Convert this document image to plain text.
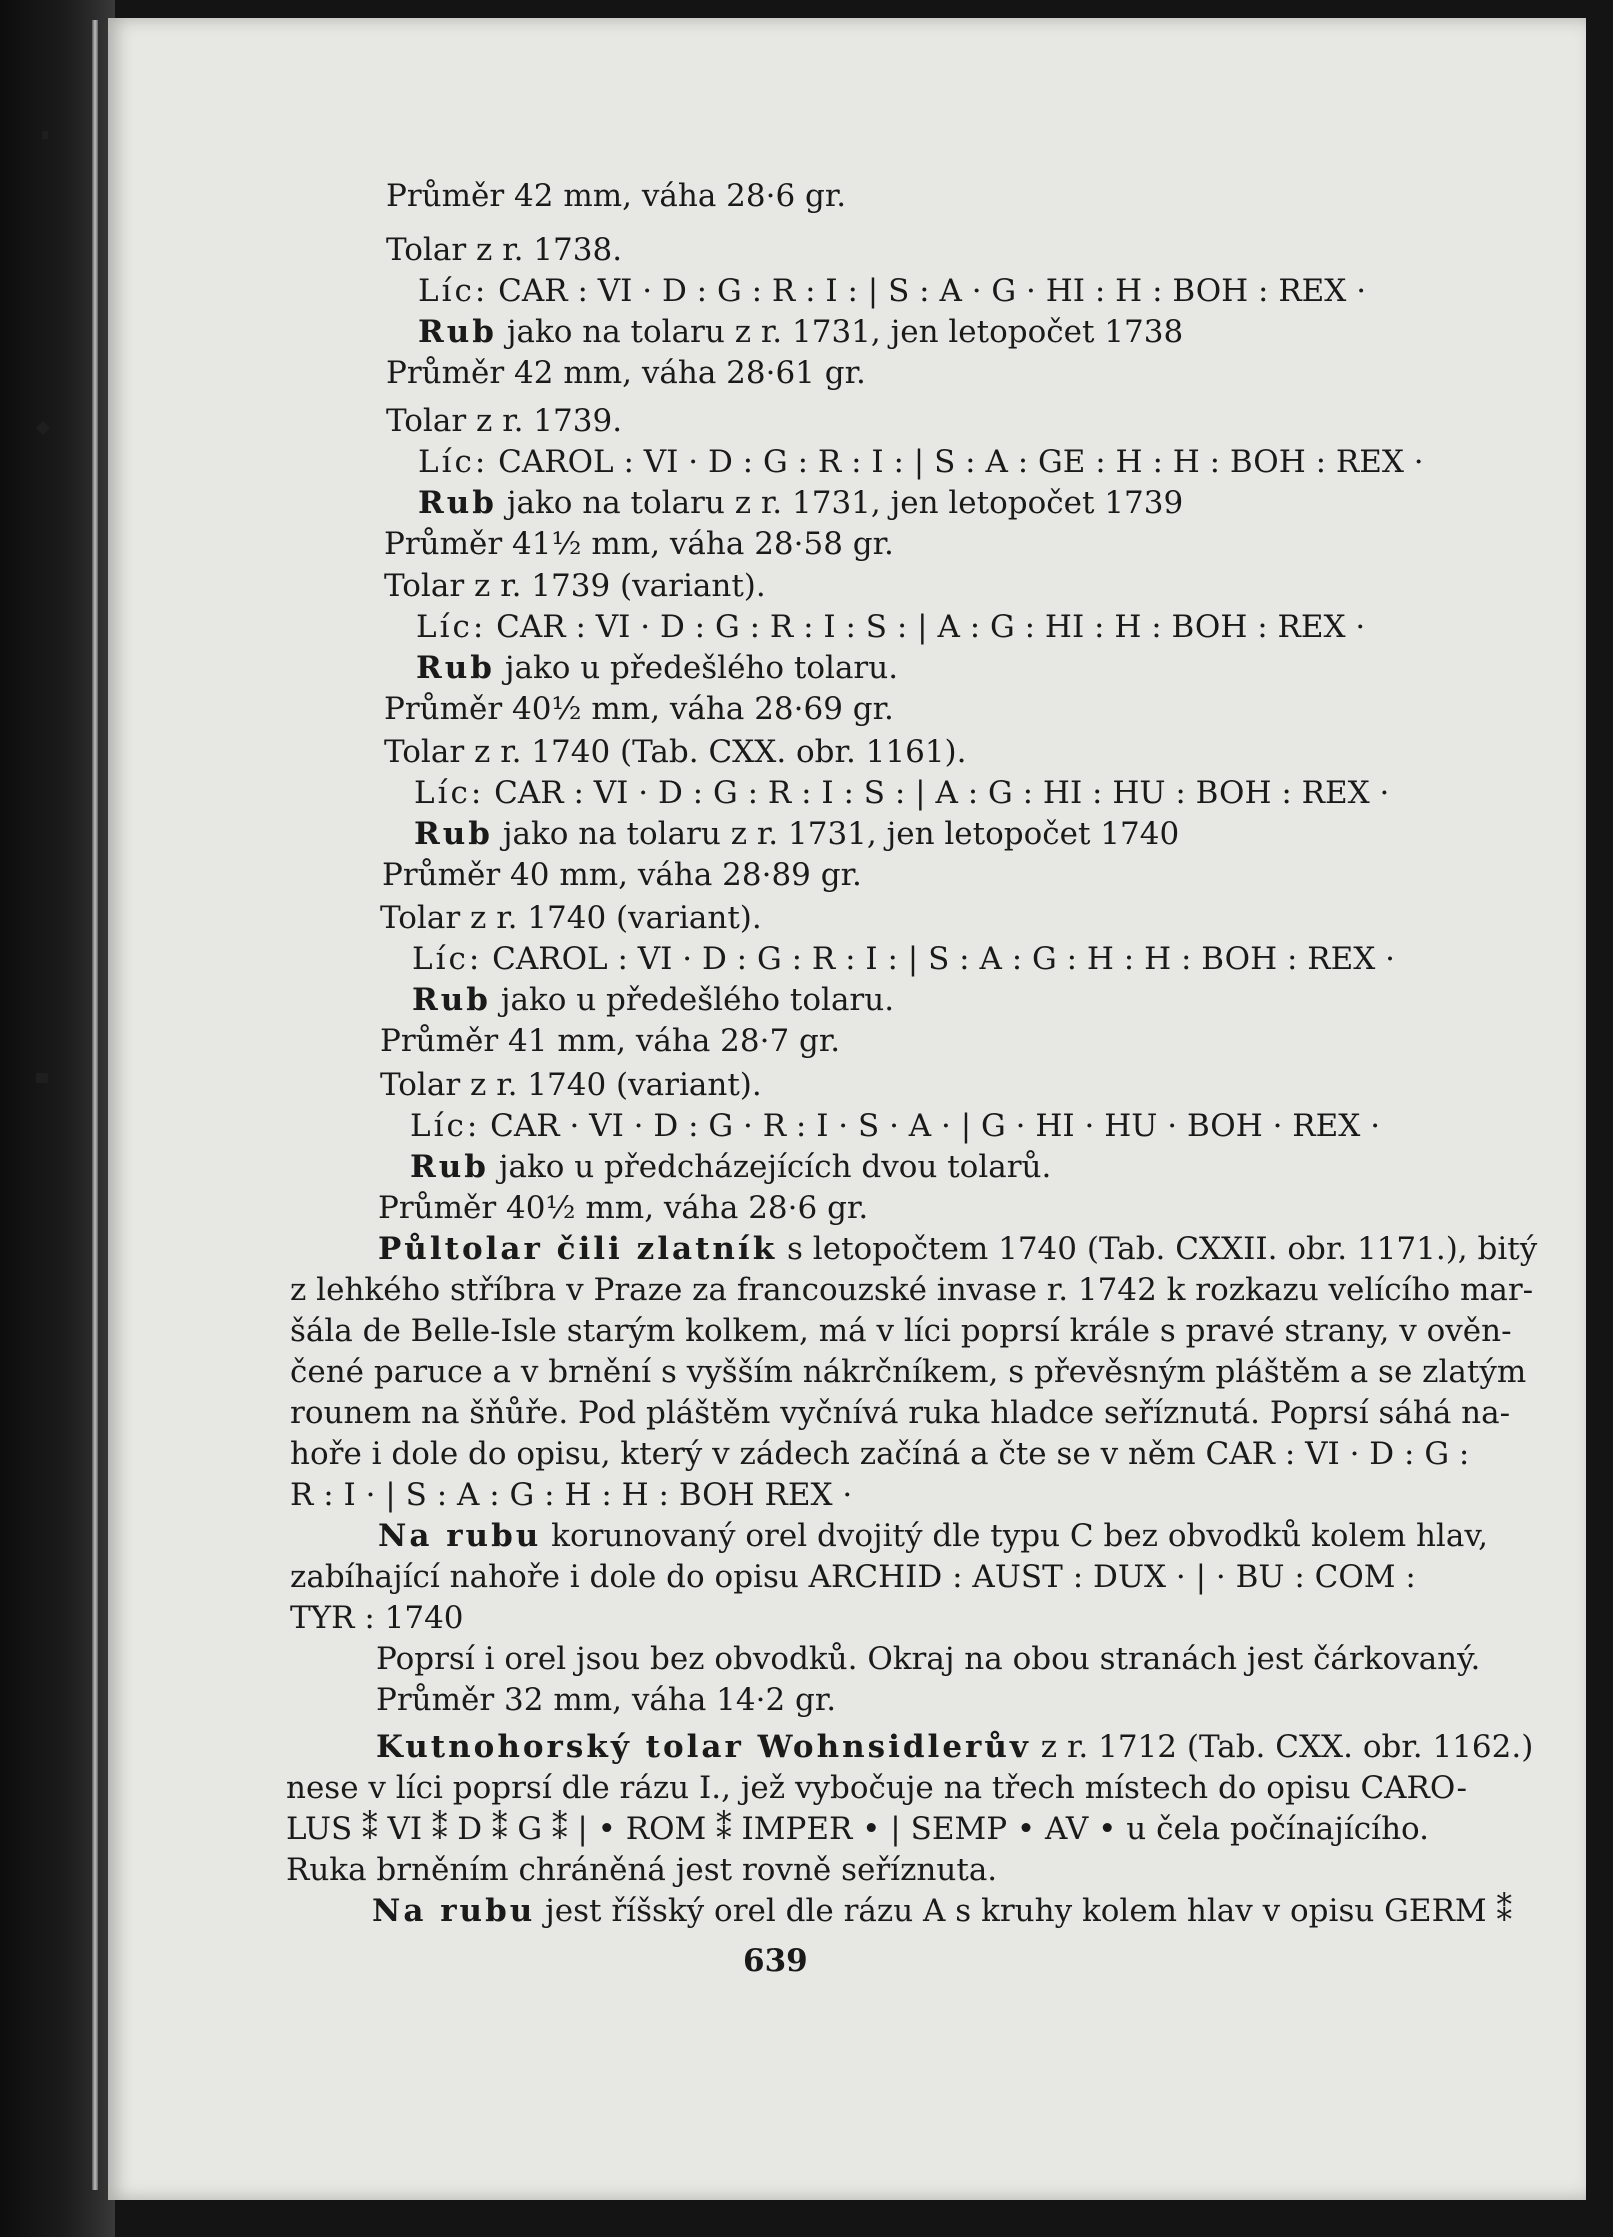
Průměr 42 mm, váha 28·6 gr.
Tolar z r. 1738.
Líc: CAR : VI · D : G : R : I : | S : A · G · HI : H : BOH : REX ·
Rub jako na tolaru z r. 1731, jen letopočet 1738
Průměr 42 mm, váha 28·61 gr.
Tolar z r. 1739.
Líc: CAROL : VI · D : G : R : I : | S : A : GE : H : H : BOH : REX ·
Rub jako na tolaru z r. 1731, jen letopočet 1739
Průměr 41½ mm, váha 28·58 gr.
Tolar z r. 1739 (variant).
Líc: CAR : VI · D : G : R : I : S : | A : G : HI : H : BOH : REX ·
Rub jako u předešlého tolaru.
Průměr 40½ mm, váha 28·69 gr.
Tolar z r. 1740 (Tab. CXX. obr. 1161).
Líc: CAR : VI · D : G : R : I : S : | A : G : HI : HU : BOH : REX ·
Rub jako na tolaru z r. 1731, jen letopočet 1740
Průměr 40 mm, váha 28·89 gr.
Tolar z r. 1740 (variant).
Líc: CAROL : VI · D : G : R : I : | S : A : G : H : H : BOH : REX ·
Rub jako u předešlého tolaru.
Průměr 41 mm, váha 28·7 gr.
Tolar z r. 1740 (variant).
Líc: CAR · VI · D : G · R : I · S · A · | G · HI · HU · BOH · REX ·
Rub jako u předcházejících dvou tolarů.
Průměr 40½ mm, váha 28·6 gr.
Půltolar čili zlatník s letopočtem 1740 (Tab. CXXII. obr. 1171.), bitý
z lehkého stříbra v Praze za francouzské invase r. 1742 k rozkazu velícího mar-
šála de Belle-Isle starým kolkem, má v líci poprsí krále s pravé strany, v ověn-
čené paruce a v brnění s vyšším nákrčníkem, s převěsným pláštěm a se zlatým
rounem na šňůře. Pod pláštěm vyčnívá ruka hladce seříznutá. Poprsí sáhá na-
hoře i dole do opisu, který v zádech začíná a čte se v něm CAR : VI · D : G :
R : I · | S : A : G : H : H : BOH REX ·
Na rubu korunovaný orel dvojitý dle typu C bez obvodků kolem hlav,
zabíhající nahoře i dole do opisu ARCHID : AUST : DUX · | · BU : COM :
TYR : 1740
Poprsí i orel jsou bez obvodků. Okraj na obou stranách jest čárkovaný.
Průměr 32 mm, váha 14·2 gr.
Kutnohorský tolar Wohnsidlerův z r. 1712 (Tab. CXX. obr. 1162.)
nese v líci poprsí dle rázu I., jež vybočuje na třech místech do opisu CARO-
LUS ⁑ VI ⁑ D ⁑ G ⁑ | • ROM ⁑ IMPER • | SEMP • AV • u čela počínajícího.
Ruka brněním chráněná jest rovně seříznuta.
Na rubu jest říšský orel dle rázu A s kruhy kolem hlav v opisu GERM ⁑
639
